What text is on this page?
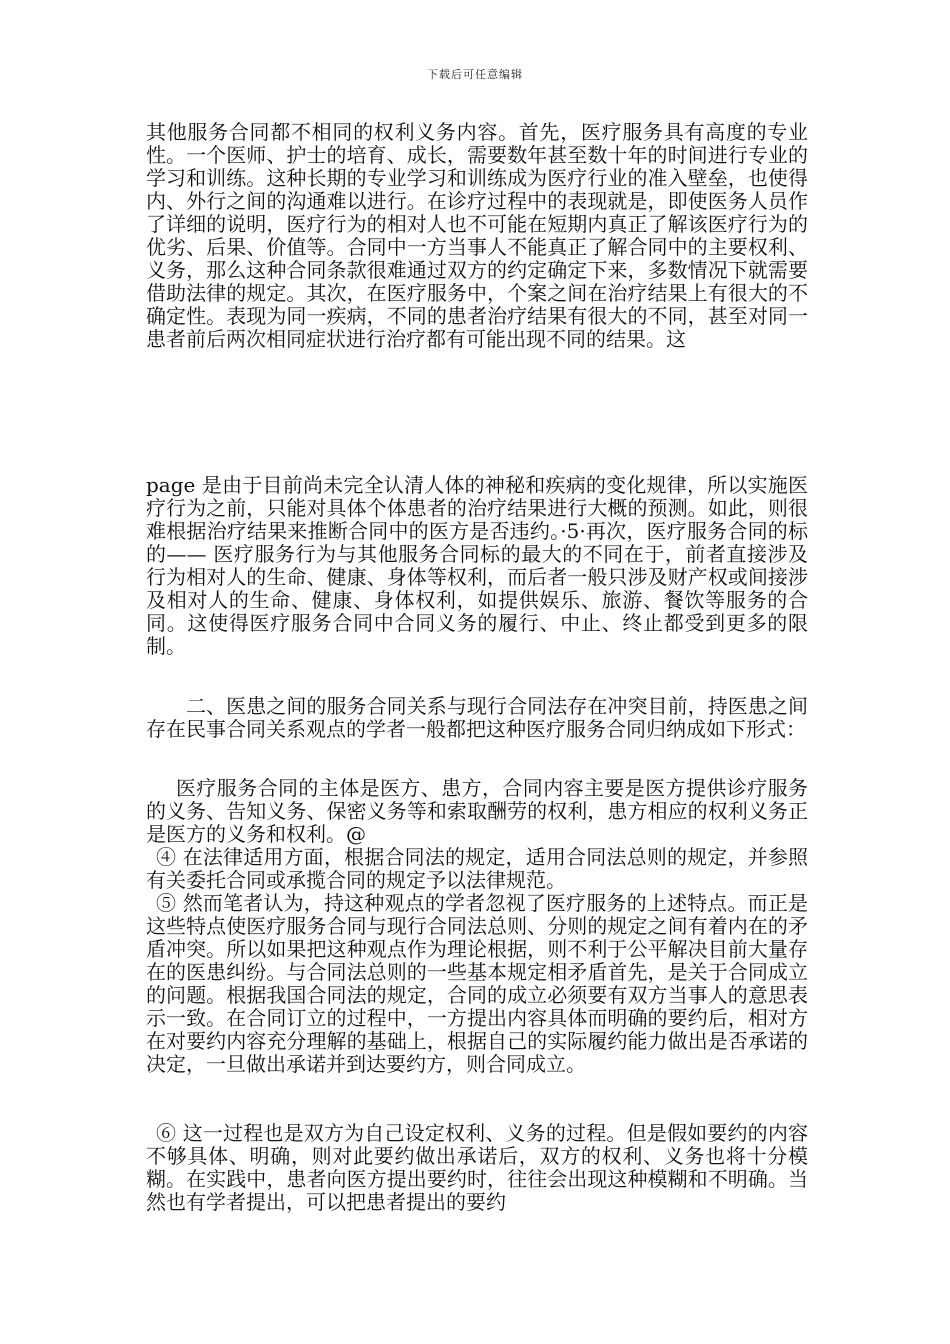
下载后可任意编辑

其他服务合同都不相同的权利义务内容。首先，医疗服务具有高度的专业性。一个医师、护士的培育、成长，需要数年甚至数十年的时间进行专业的学习和训练。这种长期的专业学习和训练成为医疗行业的准入壁垒，也使得内、外行之间的沟通难以进行。在诊疗过程中的表现就是，即使医务人员作了详细的说明，医疗行为的相对人也不可能在短期内真正了解该医疗行为的优劣、后果、价值等。合同中一方当事人不能真正了解合同中的主要权利、义务，那么这种合同条款很难通过双方的约定确定下来，多数情况下就需要借助法律的规定。其次，在医疗服务中，个案之间在治疗结果上有很大的不确定性。表现为同一疾病，不同的患者治疗结果有很大的不同，甚至对同一患者前后两次相同症状进行治疗都有可能出现不同的结果。这

page 是由于目前尚未完全认清人体的神秘和疾病的变化规律，所以实施医疗行为之前，只能对具体个体患者的治疗结果进行大概的预测。如此，则很难根据治疗结果来推断合同中的医方是否违约。·5·再次，医疗服务合同的标的—— 医疗服务行为与其他服务合同标的最大的不同在于，前者直接涉及行为相对人的生命、健康、身体等权利，而后者一般只涉及财产权或间接涉及相对人的生命、健康、身体权利，如提供娱乐、旅游、餐饮等服务的合同。这使得医疗服务合同中合同义务的履行、中止、终止都受到更多的限制。

二、医患之间的服务合同关系与现行合同法存在冲突目前，持医患之间存在民事合同关系观点的学者一般都把这种医疗服务合同归纳成如下形式：

医疗服务合同的主体是医方、患方，合同内容主要是医方提供诊疗服务的义务、告知义务、保密义务等和索取酬劳的权利，患方相应的权利义务正是医方的义务和权利。@

④ 在法律适用方面，根据合同法的规定，适用合同法总则的规定，并参照有关委托合同或承揽合同的规定予以法律规范。

⑤ 然而笔者认为，持这种观点的学者忽视了医疗服务的上述特点。而正是这些特点使医疗服务合同与现行合同法总则、分则的规定之间有着内在的矛盾冲突。所以如果把这种观点作为理论根据，则不利于公平解决目前大量存在的医患纠纷。与合同法总则的一些基本规定相矛盾首先，是关于合同成立的问题。根据我国合同法的规定，合同的成立必须要有双方当事人的意思表示一致。在合同订立的过程中，一方提出内容具体而明确的要约后，相对方在对要约内容充分理解的基础上，根据自己的实际履约能力做出是否承诺的决定，一旦做出承诺并到达要约方，则合同成立。

⑥ 这一过程也是双方为自己设定权利、义务的过程。但是假如要约的内容不够具体、明确，则对此要约做出承诺后，双方的权利、义务也将十分模糊。在实践中，患者向医方提出要约时，往往会出现这种模糊和不明确。当然也有学者提出，可以把患者提出的要约
